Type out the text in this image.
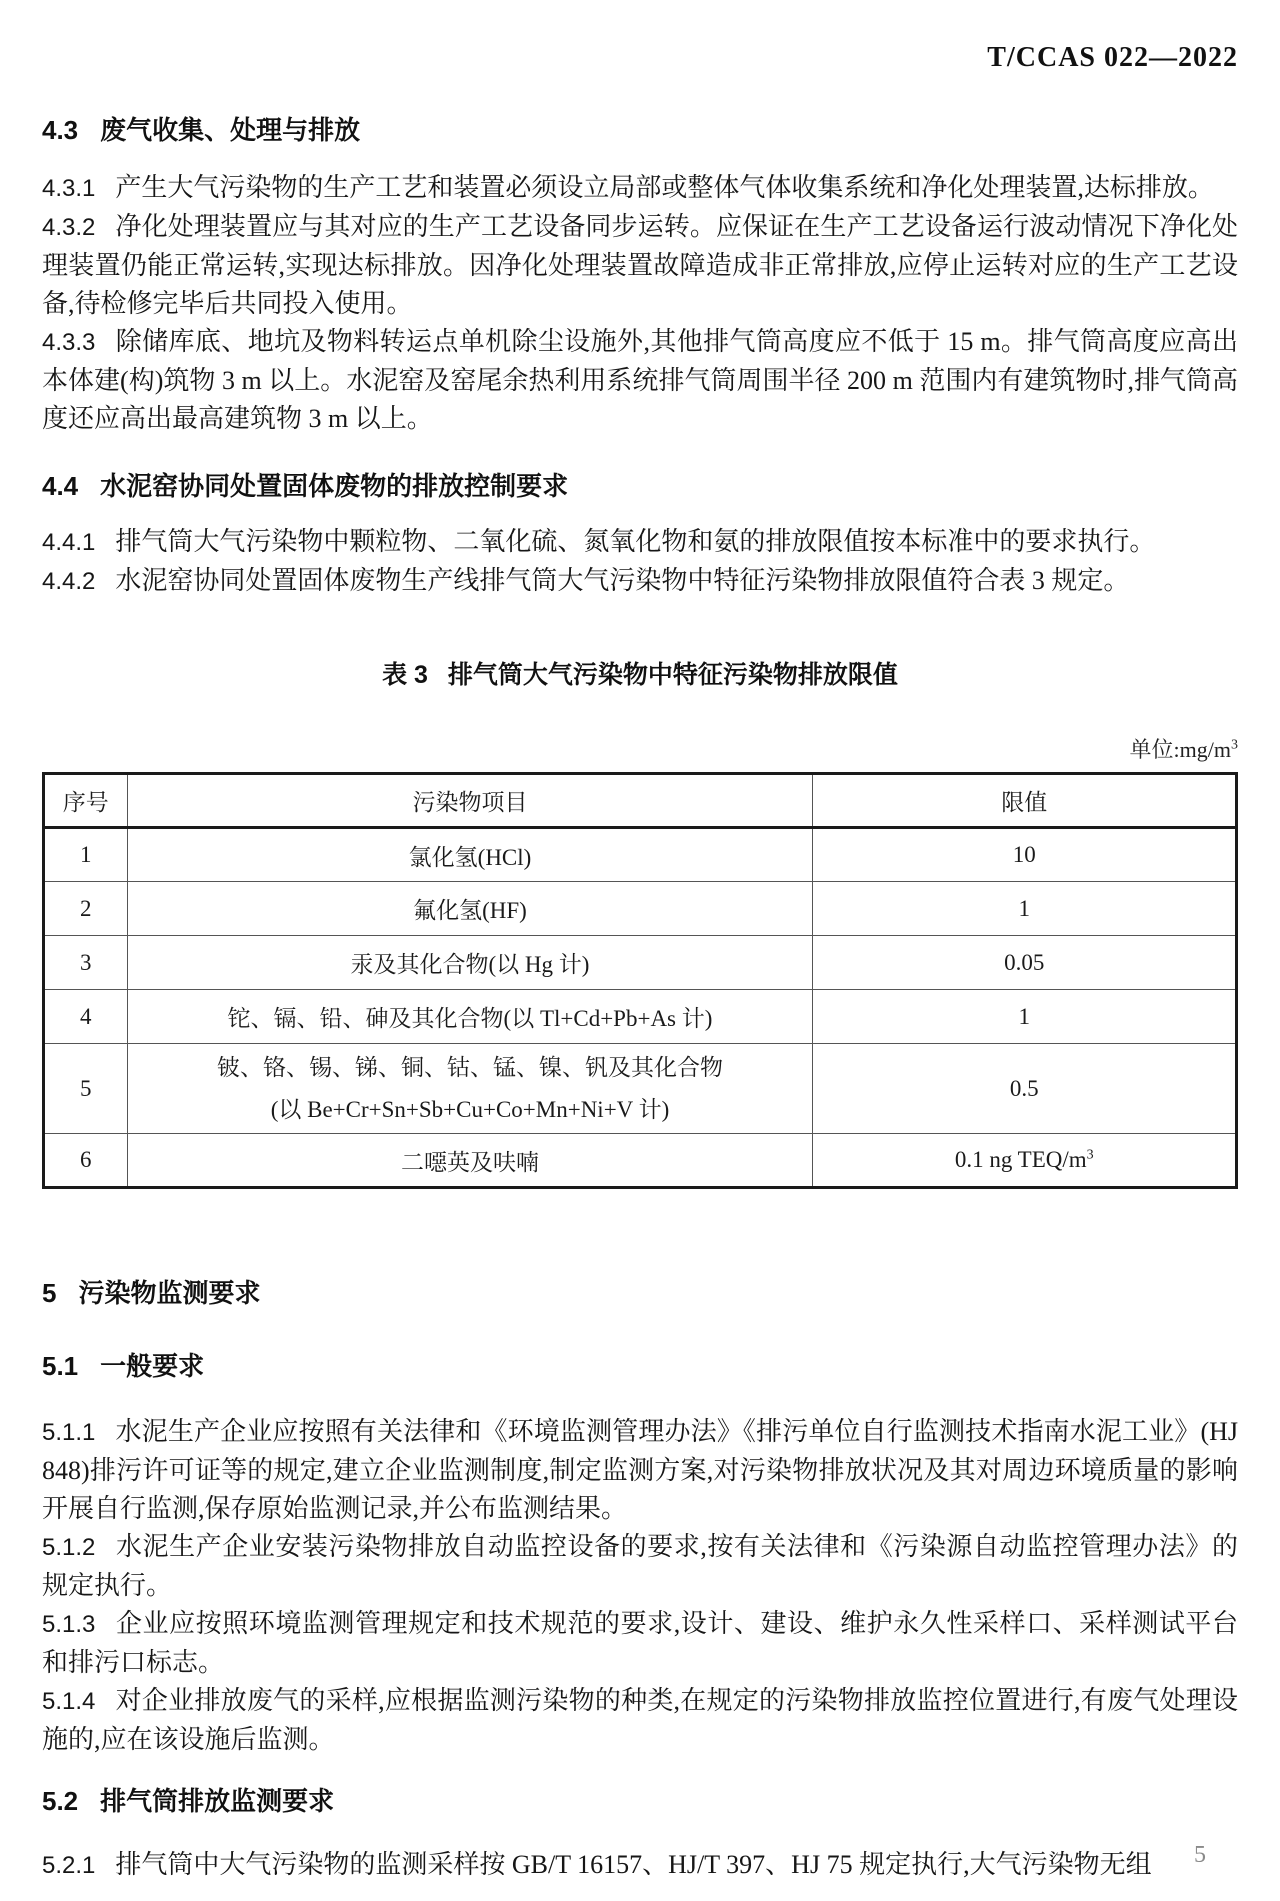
T/CCAS 022—2022
4.3 废气收集、处理与排放

4.3.1 产生大气污染物的生产工艺和装置必须设立局部或整体气体收集系统和净化处理装置,达标排放。

4.3.2 净化处理装置应与其对应的生产工艺设备同步运转。应保证在生产工艺设备运行波动情况下净化处理装置仍能正常运转,实现达标排放。因净化处理装置故障造成非正常排放,应停止运转对应的生产工艺设备,待检修完毕后共同投入使用。

4.3.3 除储库底、地坑及物料转运点单机除尘设施外,其他排气筒高度应不低于 15 m。排气筒高度应高出本体建(构)筑物 3 m 以上。水泥窑及窑尾余热利用系统排气筒周围半径 200 m 范围内有建筑物时,排气筒高度还应高出最高建筑物 3 m 以上。

4.4 水泥窑协同处置固体废物的排放控制要求

4.4.1 排气筒大气污染物中颗粒物、二氧化硫、氮氧化物和氨的排放限值按本标准中的要求执行。

4.4.2 水泥窑协同处置固体废物生产线排气筒大气污染物中特征污染物排放限值符合表 3 规定。

表 3 排气筒大气污染物中特征污染物排放限值
单位$:mg/m^3$
序号	污染物项目	限值
1	氯化氢(HCl)	10
2	氟化氢(HF)	1
3	汞及其化合物(以 Hg 计)	0.05
4	铊、镉、铅、砷及其化合物(以 Tl+Cd+Pb+As 计)	1
5	铍、铬、锡、锑、铜、钴、锰、镍、钒及其化合物
(以 Be+Cr+Sn+Sb+Cu+Co+Mn+Ni+V 计)	0.5
6	二噁英及呋喃	0.1 ng TEQ/$m^3$
5 污染物监测要求
5.1 一般要求

5.1.1 水泥生产企业应按照有关法律和《环境监测管理办法》《排污单位自行监测技术指南水泥工业》(HJ 848)排污许可证等的规定,建立企业监测制度,制定监测方案,对污染物排放状况及其对周边环境质量的影响开展自行监测,保存原始监测记录,并公布监测结果。

5.1.2 水泥生产企业安装污染物排放自动监控设备的要求,按有关法律和《污染源自动监控管理办法》的规定执行。

5.1.3 企业应按照环境监测管理规定和技术规范的要求,设计、建设、维护永久性采样口、采样测试平台和排污口标志。

5.1.4 对企业排放废气的采样,应根据监测污染物的种类,在规定的污染物排放监控位置进行,有废气处理设施的,应在该设施后监测。

5.2 排气筒排放监测要求

5.2.1 排气筒中大气污染物的监测采样按 GB/T 16157、HJ/T 397、HJ 75 规定执行,大气污染物无组	5
